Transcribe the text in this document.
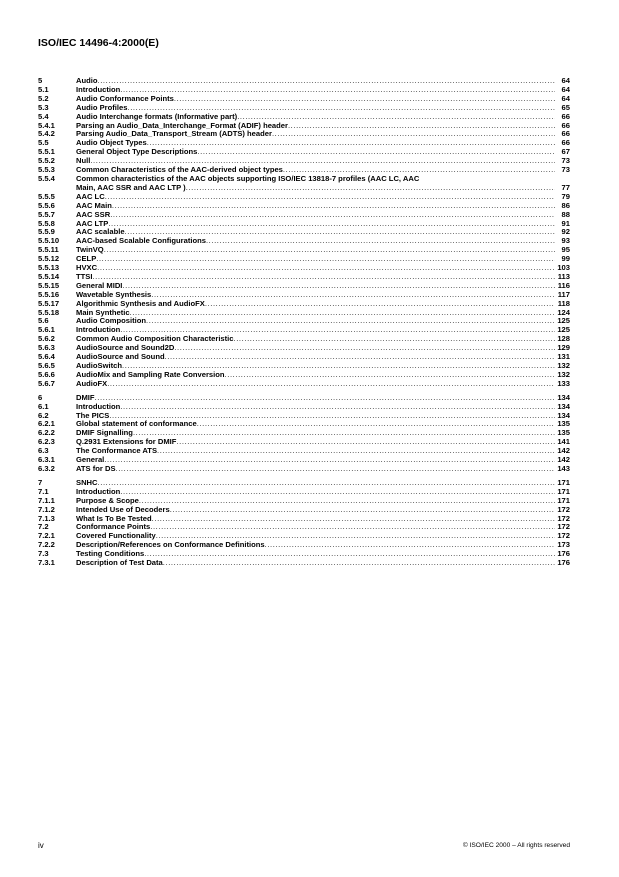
ISO/IEC 14496-4:2000(E)
5	Audio .....	64
5.1	Introduction .....	64
5.2	Audio Conformance Points .....	64
5.3	Audio Profiles .....	65
5.4	Audio Interchange formats (Informative part) .....	66
5.4.1	Parsing an Audio_Data_Interchange_Format (ADIF) header .....	66
5.4.2	Parsing Audio_Data_Transport_Stream (ADTS) header .....	66
5.5	Audio Object Types .....	66
5.5.1	General Object Type Descriptions .....	67
5.5.2	Null .....	73
5.5.3	Common Characteristics of the AAC-derived object types .....	73
5.5.4	Common characteristics of the AAC objects supporting ISO/IEC 13818-7 profiles (AAC LC, AAC
Main, AAC SSR and AAC LTP ) .....	77
5.5.5	AAC LC .....	79
5.5.6	AAC Main .....	86
5.5.7	AAC SSR .....	88
5.5.8	AAC LTP .....	91
5.5.9	AAC scalable .....	92
5.5.10	AAC-based Scalable Configurations .....	93
5.5.11	TwinVQ .....	95
5.5.12	CELP .....	99
5.5.13	HVXC .....	103
5.5.14	TTSI .....	113
5.5.15	General MIDI .....	116
5.5.16	Wavetable Synthesis .....	117
5.5.17	Algorithmic Synthesis and AudioFX .....	118
5.5.18	Main Synthetic .....	124
5.6	Audio Composition .....	125
5.6.1	Introduction .....	125
5.6.2	Common Audio Composition Characteristic .....	128
5.6.3	AudioSource and Sound2D .....	129
5.6.4	AudioSource and Sound .....	131
5.6.5	AudioSwitch .....	132
5.6.6	AudioMix and Sampling Rate Conversion .....	132
5.6.7	AudioFX .....	133
6	DMIF .....	134
6.1	Introduction .....	134
6.2	The PICS .....	134
6.2.1	Global statement of conformance .....	135
6.2.2	DMIF Signalling .....	135
6.2.3	Q.2931 Extensions for DMIF .....	141
6.3	The Conformance ATS .....	142
6.3.1	General .....	142
6.3.2	ATS for DS .....	143
7	SNHC .....	171
7.1	Introduction .....	171
7.1.1	Purpose & Scope .....	171
7.1.2	Intended Use of Decoders .....	172
7.1.3	What Is To Be Tested .....	172
7.2	Conformance Points .....	172
7.2.1	Covered Functionality .....	172
7.2.2	Description/References on Conformance Definitions .....	173
7.3	Testing Conditions .....	176
7.3.1	Description of Test Data .....	176
iv	© ISO/IEC 2000 – All rights reserved
